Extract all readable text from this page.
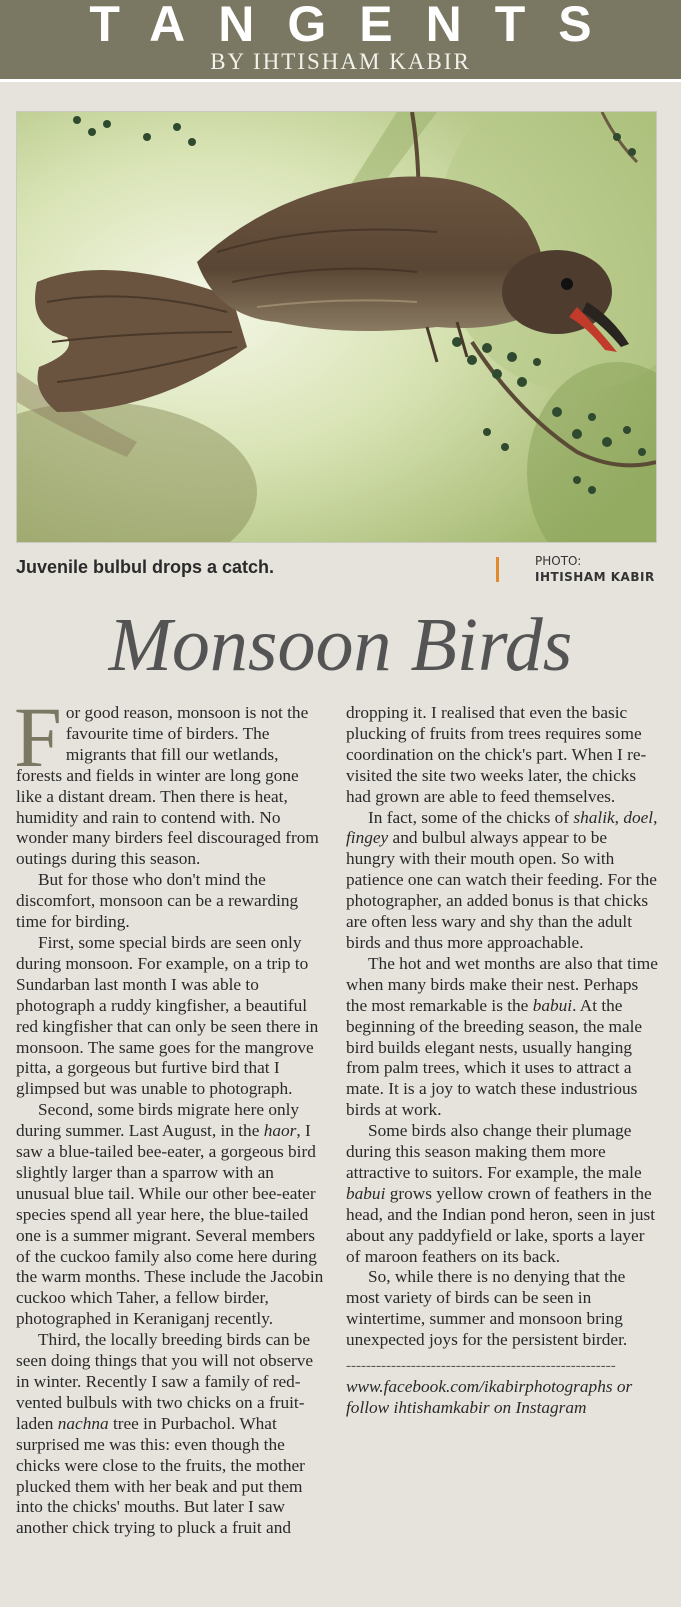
TANGENTS
BY IHTISHAM KABIR
Juvenile bulbul drops a catch.	PHOTO:
IHTISHAM KABIR
Monsoon Birds

For good reason, monsoon is not the favourite time of birders. The migrants that fill our wetlands, forests and fields in winter are long gone like a distant dream. Then there is heat, humidity and rain to contend with. No wonder many birders feel discouraged from outings during this season.

But for those who don't mind the discomfort, monsoon can be a rewarding time for birding.

First, some special birds are seen only during monsoon. For example, on a trip to Sundarban last month I was able to photograph a ruddy kingfisher, a beautiful red kingfisher that can only be seen there in monsoon. The same goes for the mangrove pitta, a gorgeous but furtive bird that I glimpsed but was unable to photograph.

Second, some birds migrate here only during summer. Last August, in the haor, I saw a blue-tailed bee-eater, a gorgeous bird slightly larger than a sparrow with an unusual blue tail. While our other bee-eater species spend all year here, the blue-tailed one is a summer migrant. Several members of the cuckoo family also come here during the warm months. These include the Jacobin cuckoo which Taher, a fellow birder, photographed in Keraniganj recently.

Third, the locally breeding birds can be seen doing things that you will not observe in winter. Recently I saw a family of red-vented bulbuls with two chicks on a fruit-laden nachna tree in Purbachol. What surprised me was this: even though the chicks were close to the fruits, the mother plucked them with her beak and put them into the chicks' mouths. But later I saw another chick trying to pluck a fruit and

dropping it. I realised that even the basic plucking of fruits from trees requires some coordination on the chick's part. When I re-visited the site two weeks later, the chicks had grown are able to feed themselves.

In fact, some of the chicks of shalik, doel, fingey and bulbul always appear to be hungry with their mouth open. So with patience one can watch their feeding. For the photographer, an added bonus is that chicks are often less wary and shy than the adult birds and thus more approachable.

The hot and wet months are also that time when many birds make their nest. Perhaps the most remarkable is the babui. At the beginning of the breeding season, the male bird builds elegant nests, usually hanging from palm trees, which it uses to attract a mate. It is a joy to watch these industrious birds at work.

Some birds also change their plumage during this season making them more attractive to suitors. For example, the male babui grows yellow crown of feathers in the head, and the Indian pond heron, seen in just about any paddyfield or lake, sports a layer of maroon feathers on its back.

So, while there is no denying that the most variety of birds can be seen in wintertime, summer and monsoon bring unexpected joys for the persistent birder.

------------------------------------------------------

www.facebook.com/ikabirphotographs or follow ihtishamkabir on Instagram
